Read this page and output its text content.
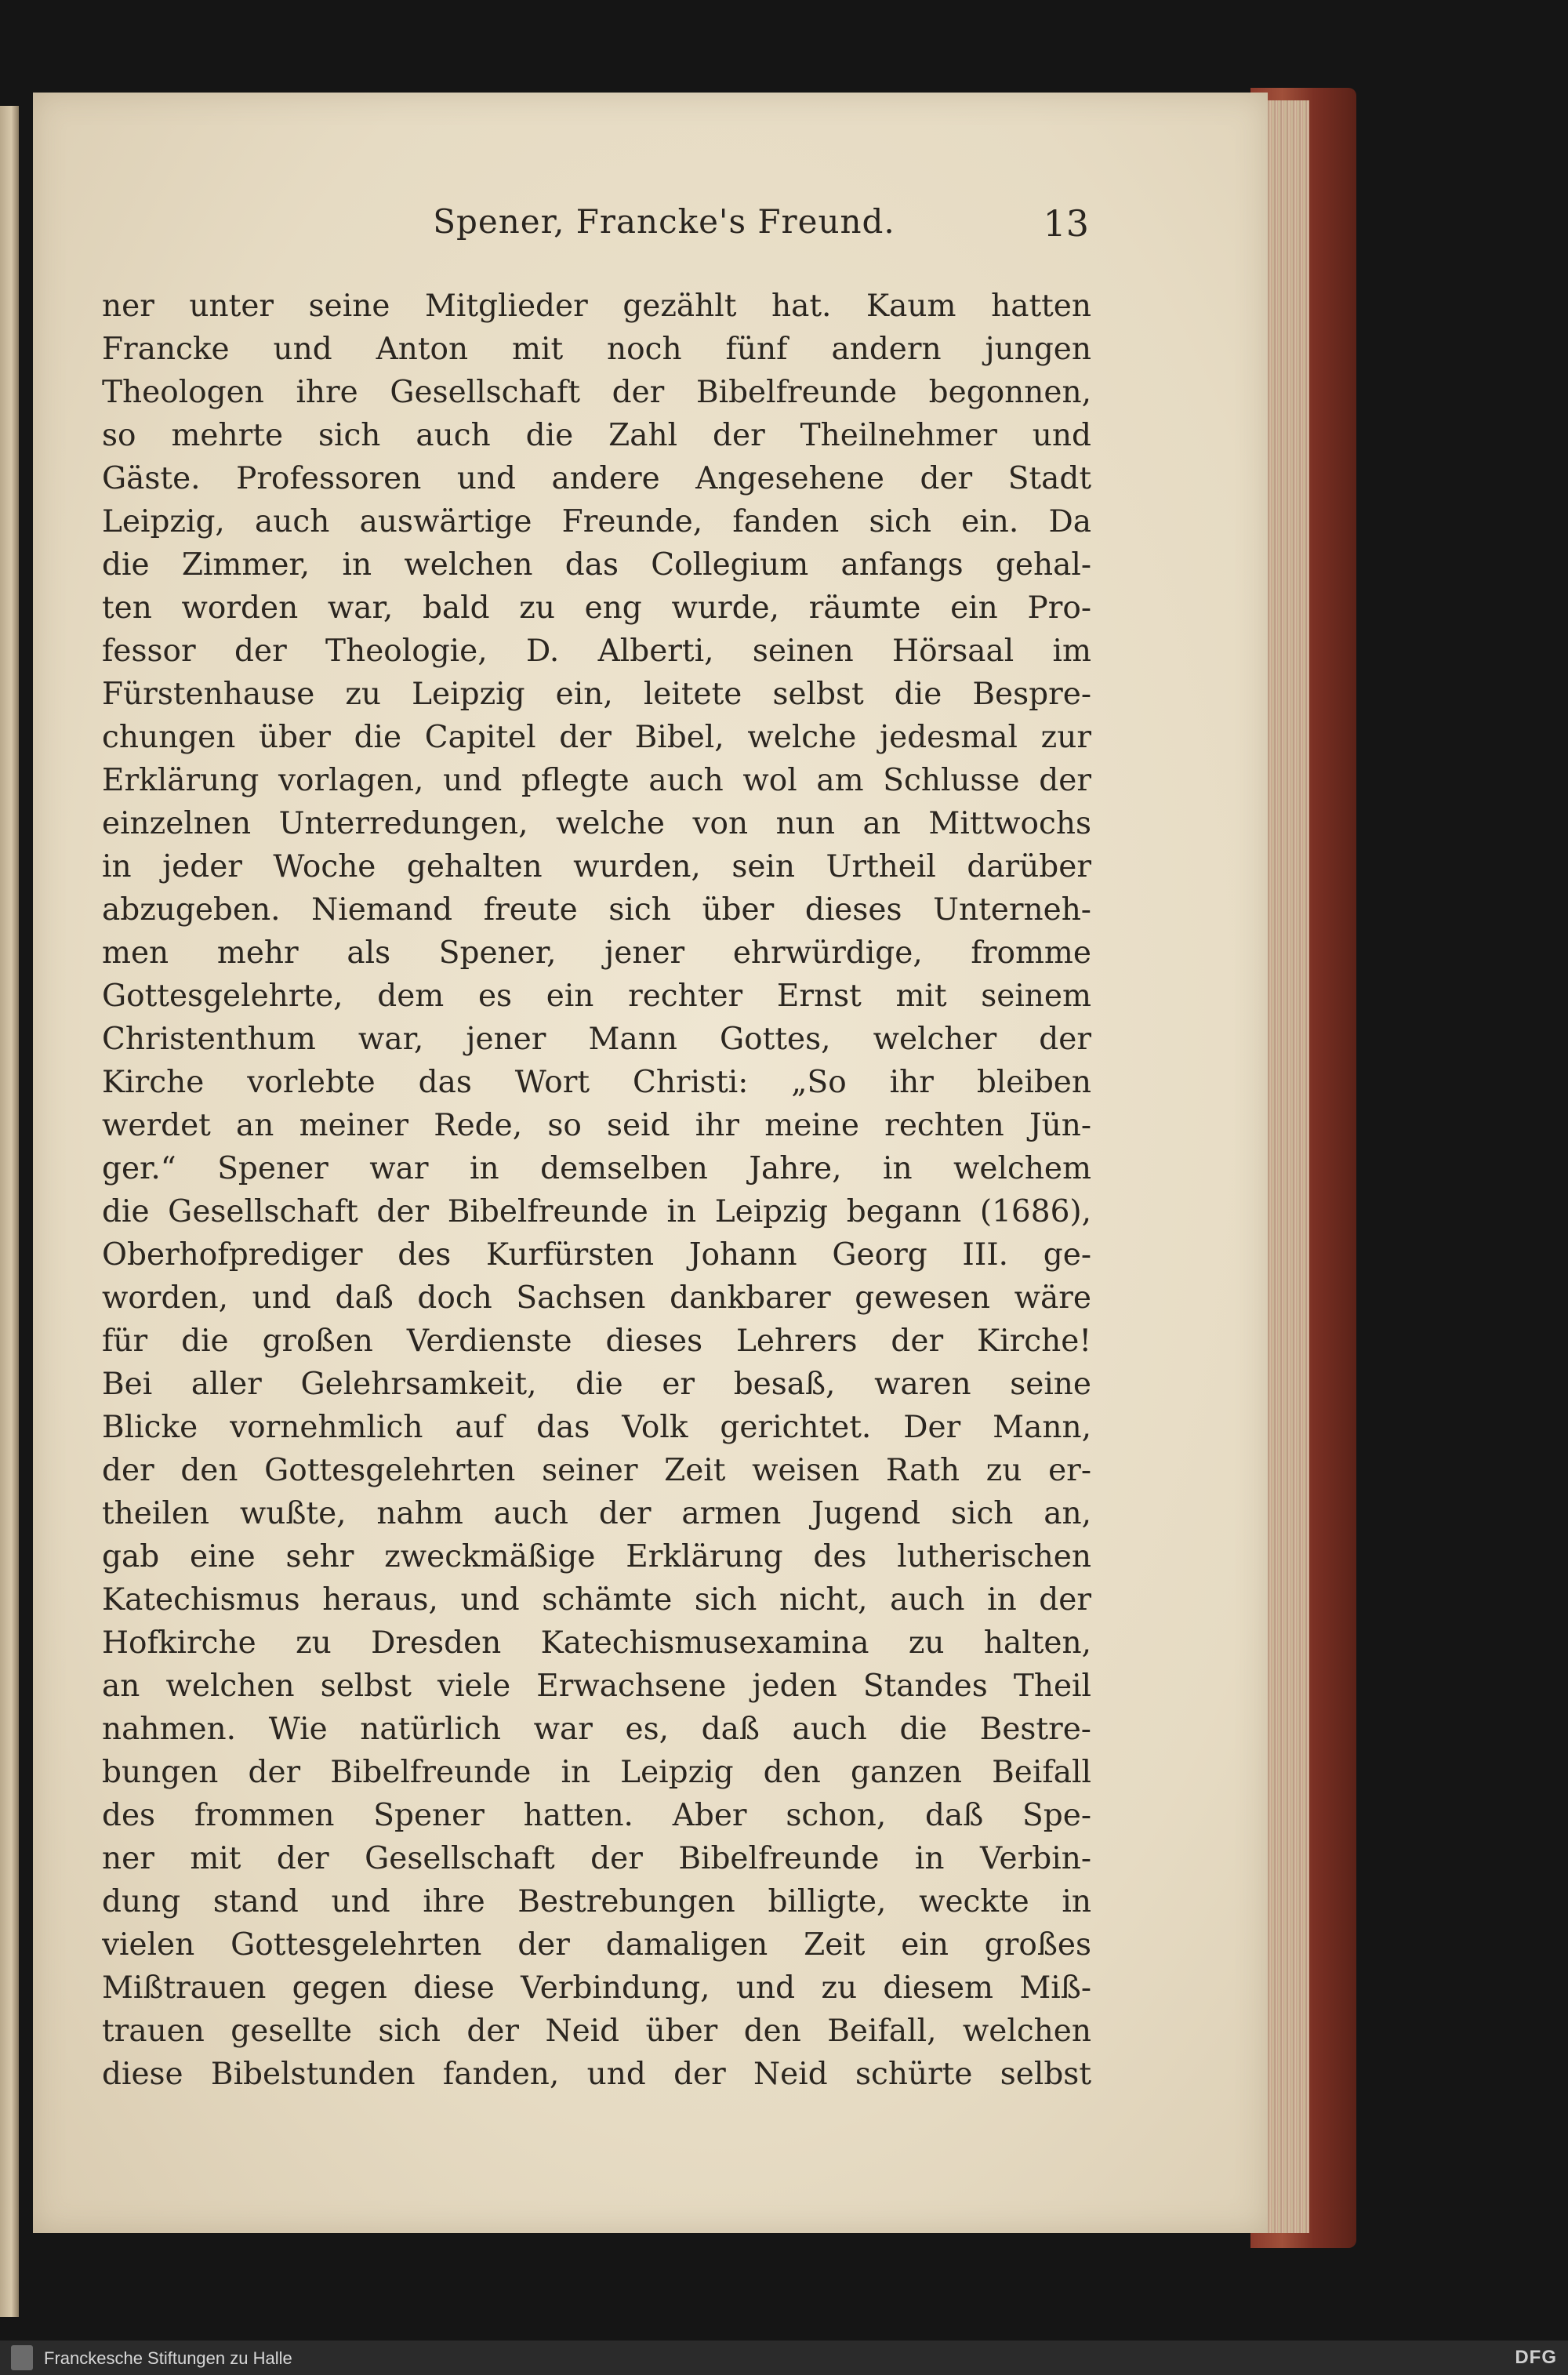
Spener, Francke's Freund.	13
ner unter seine Mitglieder gezählt hat. Kaum hatten
Francke und Anton mit noch fünf andern jungen
Theologen ihre Gesellschaft der Bibelfreunde begonnen,
so mehrte sich auch die Zahl der Theilnehmer und
Gäste. Professoren und andere Angesehene der Stadt
Leipzig, auch auswärtige Freunde, fanden sich ein. Da
die Zimmer, in welchen das Collegium anfangs gehal-
ten worden war, bald zu eng wurde, räumte ein Pro-
fessor der Theologie, D. Alberti, seinen Hörsaal im
Fürstenhause zu Leipzig ein, leitete selbst die Bespre-
chungen über die Capitel der Bibel, welche jedesmal zur
Erklärung vorlagen, und pflegte auch wol am Schlusse der
einzelnen Unterredungen, welche von nun an Mittwochs
in jeder Woche gehalten wurden, sein Urtheil darüber
abzugeben. Niemand freute sich über dieses Unterneh-
men mehr als Spener, jener ehrwürdige, fromme
Gottesgelehrte, dem es ein rechter Ernst mit seinem
Christenthum war, jener Mann Gottes, welcher der
Kirche vorlebte das Wort Christi: „So ihr bleiben
werdet an meiner Rede, so seid ihr meine rechten Jün-
ger.“ Spener war in demselben Jahre, in welchem
die Gesellschaft der Bibelfreunde in Leipzig begann (1686),
Oberhofprediger des Kurfürsten Johann Georg III. ge-
worden, und daß doch Sachsen dankbarer gewesen wäre
für die großen Verdienste dieses Lehrers der Kirche!
Bei aller Gelehrsamkeit, die er besaß, waren seine
Blicke vornehmlich auf das Volk gerichtet. Der Mann,
der den Gottesgelehrten seiner Zeit weisen Rath zu er-
theilen wußte, nahm auch der armen Jugend sich an,
gab eine sehr zweckmäßige Erklärung des lutherischen
Katechismus heraus, und schämte sich nicht, auch in der
Hofkirche zu Dresden Katechismusexamina zu halten,
an welchen selbst viele Erwachsene jeden Standes Theil
nahmen. Wie natürlich war es, daß auch die Bestre-
bungen der Bibelfreunde in Leipzig den ganzen Beifall
des frommen Spener hatten. Aber schon, daß Spe-
ner mit der Gesellschaft der Bibelfreunde in Verbin-
dung stand und ihre Bestrebungen billigte, weckte in
vielen Gottesgelehrten der damaligen Zeit ein großes
Mißtrauen gegen diese Verbindung, und zu diesem Miß-
trauen gesellte sich der Neid über den Beifall, welchen
diese Bibelstunden fanden, und der Neid schürte selbst
Franckesche Stiftungen zu Halle	DFG
